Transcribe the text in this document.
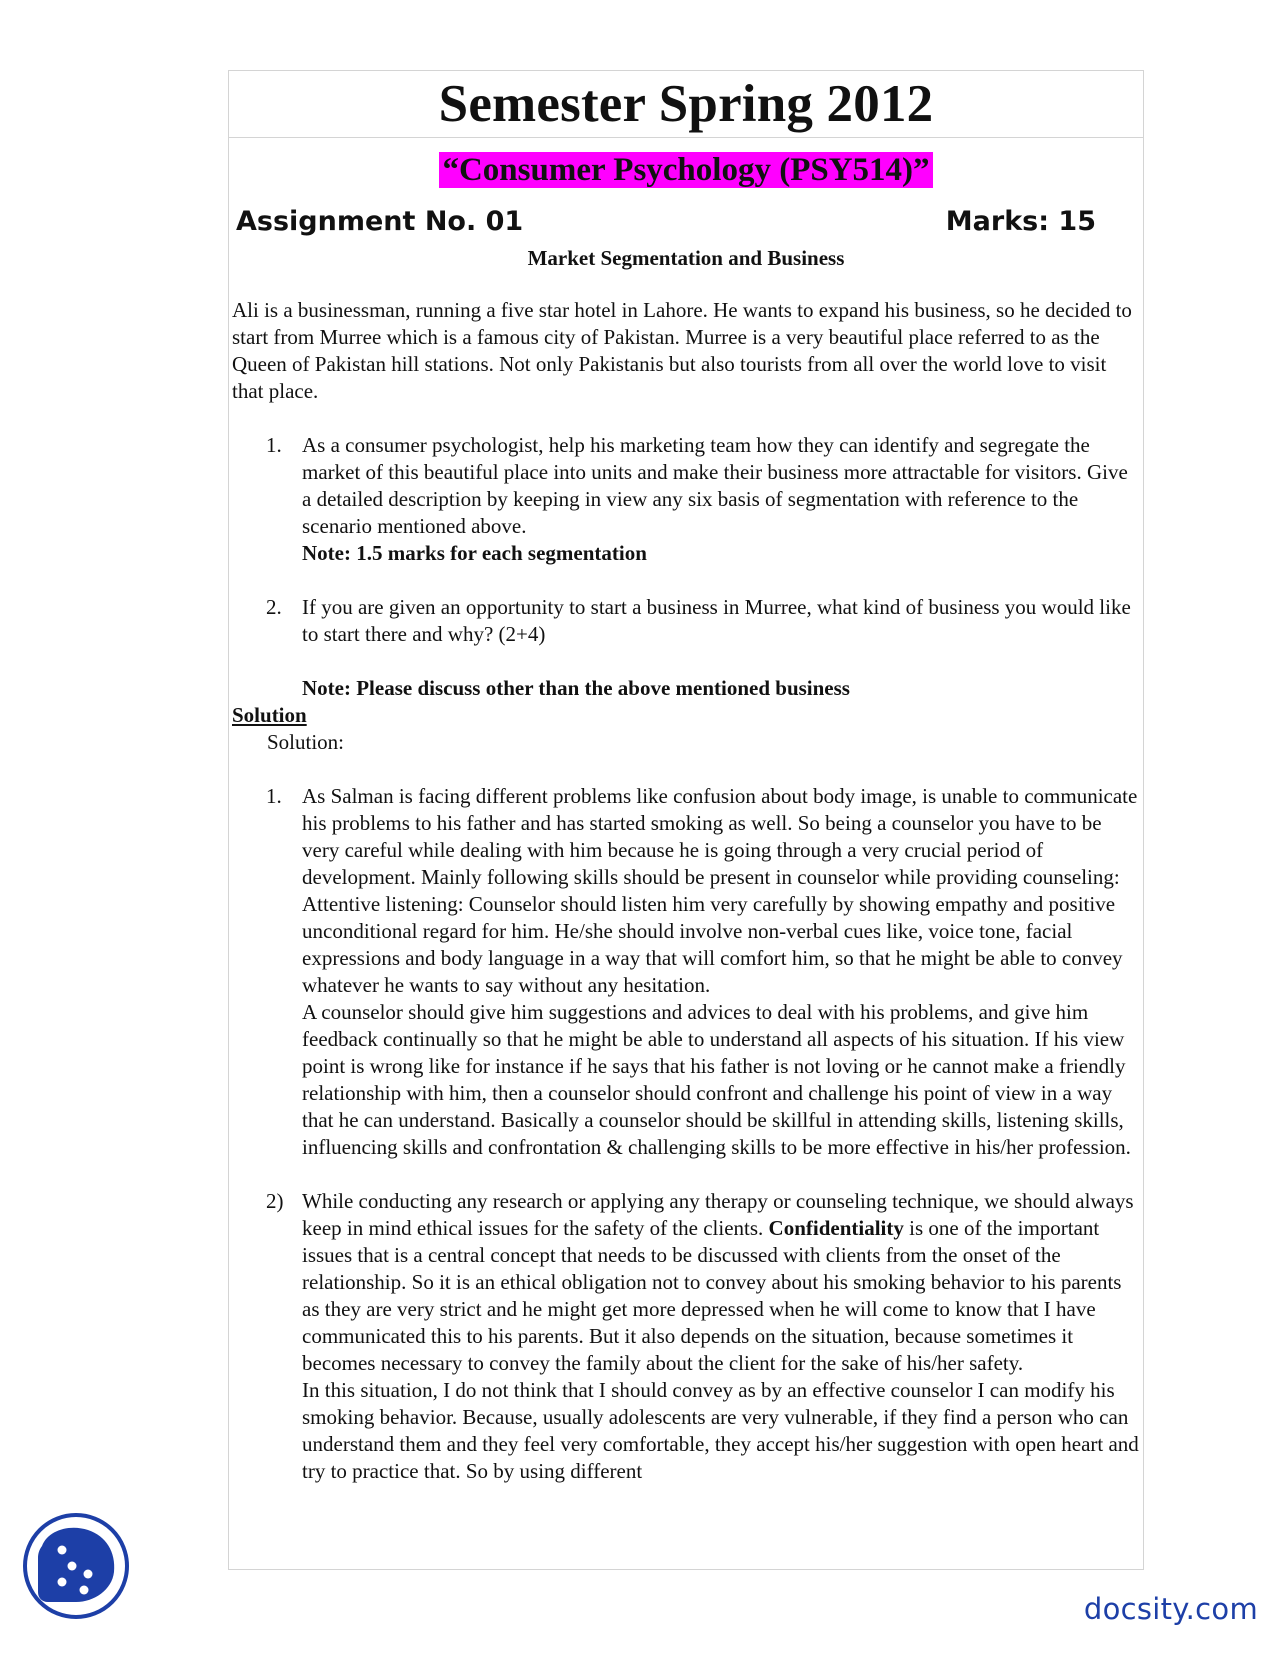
Semester Spring 2012
“Consumer Psychology (PSY514)”
Assignment No. 01	Marks: 15
Market Segmentation and Business

Ali is a businessman, running a five star hotel in Lahore. He wants to expand his business, so he decided to start from Murree which is a famous city of Pakistan. Murree is a very beautiful place referred to as the Queen of Pakistan hill stations. Not only Pakistanis but also tourists from all over the world love to visit that place.

1. As a consumer psychologist, help his marketing team how they can identify and segregate the market of this beautiful place into units and make their business more attractable for visitors. Give a detailed description by keeping in view any six basis of segmentation with reference to the scenario mentioned above.

Note: 1.5 marks for each segmentation

2. If you are given an opportunity to start a business in Murree, what kind of business you would like to start there and why? (2+4)

Note: Please discuss other than the above mentioned business

Solution

Solution:

1. As Salman is facing different problems like confusion about body image, is unable to communicate his problems to his father and has started smoking as well. So being a counselor you have to be very careful while dealing with him because he is going through a very crucial period of development. Mainly following skills should be present in counselor while providing counseling:

Attentive listening: Counselor should listen him very carefully by showing empathy and positive unconditional regard for him. He/she should involve non-verbal cues like, voice tone, facial expressions and body language in a way that will comfort him, so that he might be able to convey whatever he wants to say without any hesitation.

A counselor should give him suggestions and advices to deal with his problems, and give him feedback continually so that he might be able to understand all aspects of his situation. If his view point is wrong like for instance if he says that his father is not loving or he cannot make a friendly relationship with him, then a counselor should confront and challenge his point of view in a way that he can understand. Basically a counselor should be skillful in attending skills, listening skills, influencing skills and confrontation & challenging skills to be more effective in his/her profession.

2) While conducting any research or applying any therapy or counseling technique, we should always keep in mind ethical issues for the safety of the clients. Confidentiality is one of the important issues that is a central concept that needs to be discussed with clients from the onset of the relationship. So it is an ethical obligation not to convey about his smoking behavior to his parents as they are very strict and he might get more depressed when he will come to know that I have communicated this to his parents. But it also depends on the situation, because sometimes it becomes necessary to convey the family about the client for the sake of his/her safety.

In this situation, I do not think that I should convey as by an effective counselor I can modify his smoking behavior. Because, usually adolescents are very vulnerable, if they find a person who can understand them and they feel very comfortable, they accept his/her suggestion with open heart and try to practice that. So by using different

docsity.com
